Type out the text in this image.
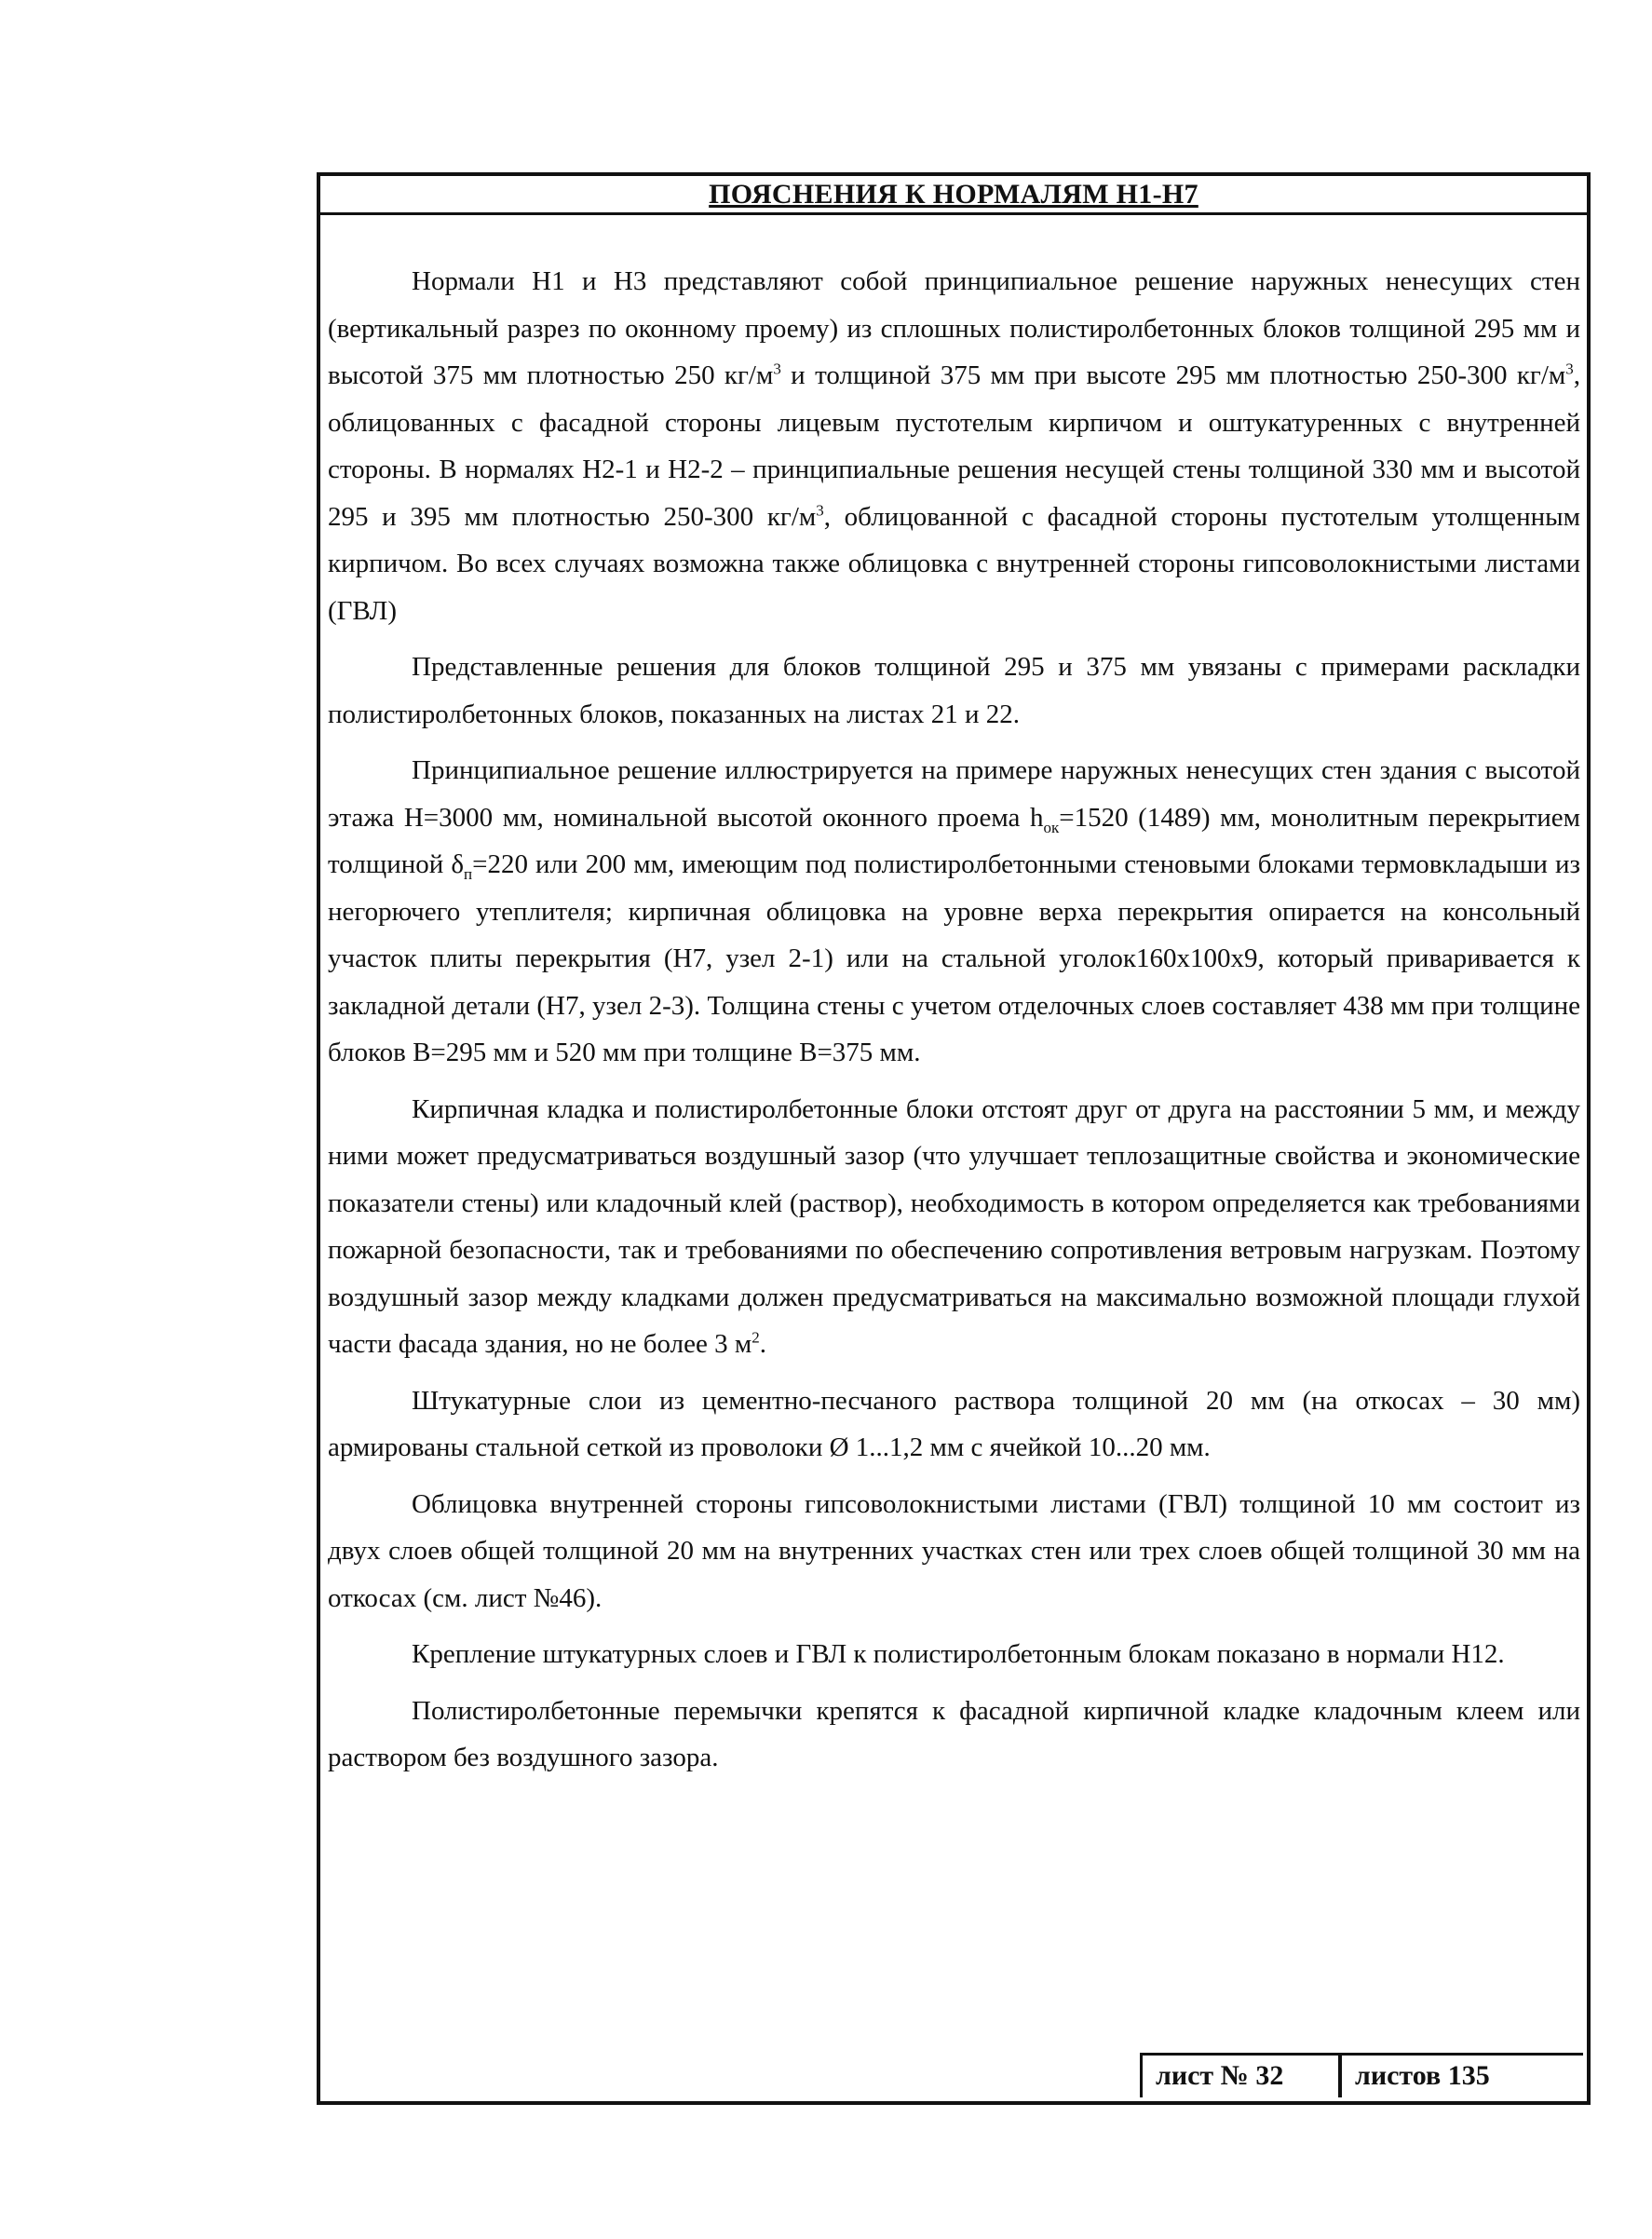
ПОЯСНЕНИЯ К НОРМАЛЯМ Н1-Н7

Нормали Н1 и Н3 представляют собой принципиальное решение наружных ненесущих стен (вертикальный разрез по оконному проему) из сплошных полистиролбетонных блоков толщиной 295 мм и высотой 375 мм плотностью 250 $кг/м^3$ и толщиной 375 мм при высоте 295 мм плотностью 250-300 $кг/м^3$, облицованных с фасадной стороны лицевым пустотелым кирпичом и оштукатуренных с внутренней стороны. В нормалях Н2-1 и Н2-2 – принципиальные решения несущей стены толщиной 330 мм и высотой 295 и 395 мм плотностью 250-300 $кг/м^3$, облицованной с фасадной стороны пустотелым утолщенным кирпичом. Во всех случаях возможна также облицовка с внутренней стороны гипсоволокнистыми листами (ГВЛ)

Представленные решения для блоков толщиной 295 и 375 мм увязаны с примерами раскладки полистиролбетонных блоков, показанных на листах 21 и 22.

Принципиальное решение иллюстрируется на примере наружных ненесущих стен здания с высотой этажа Н=3000 мм, номинальной высотой оконного проема $h_{ок}=1520$ (1489) мм, монолитным перекрытием толщиной $\delta_п=220$ или 200 мм, имеющим под полистиролбетонными стеновыми блоками термовкладыши из негорючего утеплителя; кирпичная облицовка на уровне верха перекрытия опирается на консольный участок плиты перекрытия (Н7, узел 2-1) или на стальной уголок160х100х9, который приваривается к закладной детали (Н7, узел 2-3). Толщина стены с учетом отделочных слоев составляет 438 мм при толщине блоков В=295 мм и 520 мм при толщине В=375 мм.

Кирпичная кладка и полистиролбетонные блоки отстоят друг от друга на расстоянии 5 мм, и между ними может предусматриваться воздушный зазор (что улучшает теплозащитные свойства и экономические показатели стены) или кладочный клей (раствор), необходимость в котором определяется как требованиями пожарной безопасности, так и требованиями по обеспечению сопротивления ветровым нагрузкам. Поэтому воздушный зазор между кладками должен предусматриваться на максимально возможной площади глухой части фасада здания, но не более 3 $м^2$.

Штукатурные слои из цементно-песчаного раствора толщиной 20 мм (на откосах – 30 мм) армированы стальной сеткой из проволоки Ø 1...1,2 мм с ячейкой 10...20 мм.

Облицовка внутренней стороны гипсоволокнистыми листами (ГВЛ) толщиной 10 мм состоит из двух слоев общей толщиной 20 мм на внутренних участках стен или трех слоев общей толщиной 30 мм на откосах (см. лист №46).

Крепление штукатурных слоев и ГВЛ к полистиролбетонным блокам показано в нормали Н12.

Полистиролбетонные перемычки крепятся к фасадной кирпичной кладке кладочным клеем или раствором без воздушного зазора.

лист № 32	листов 135
